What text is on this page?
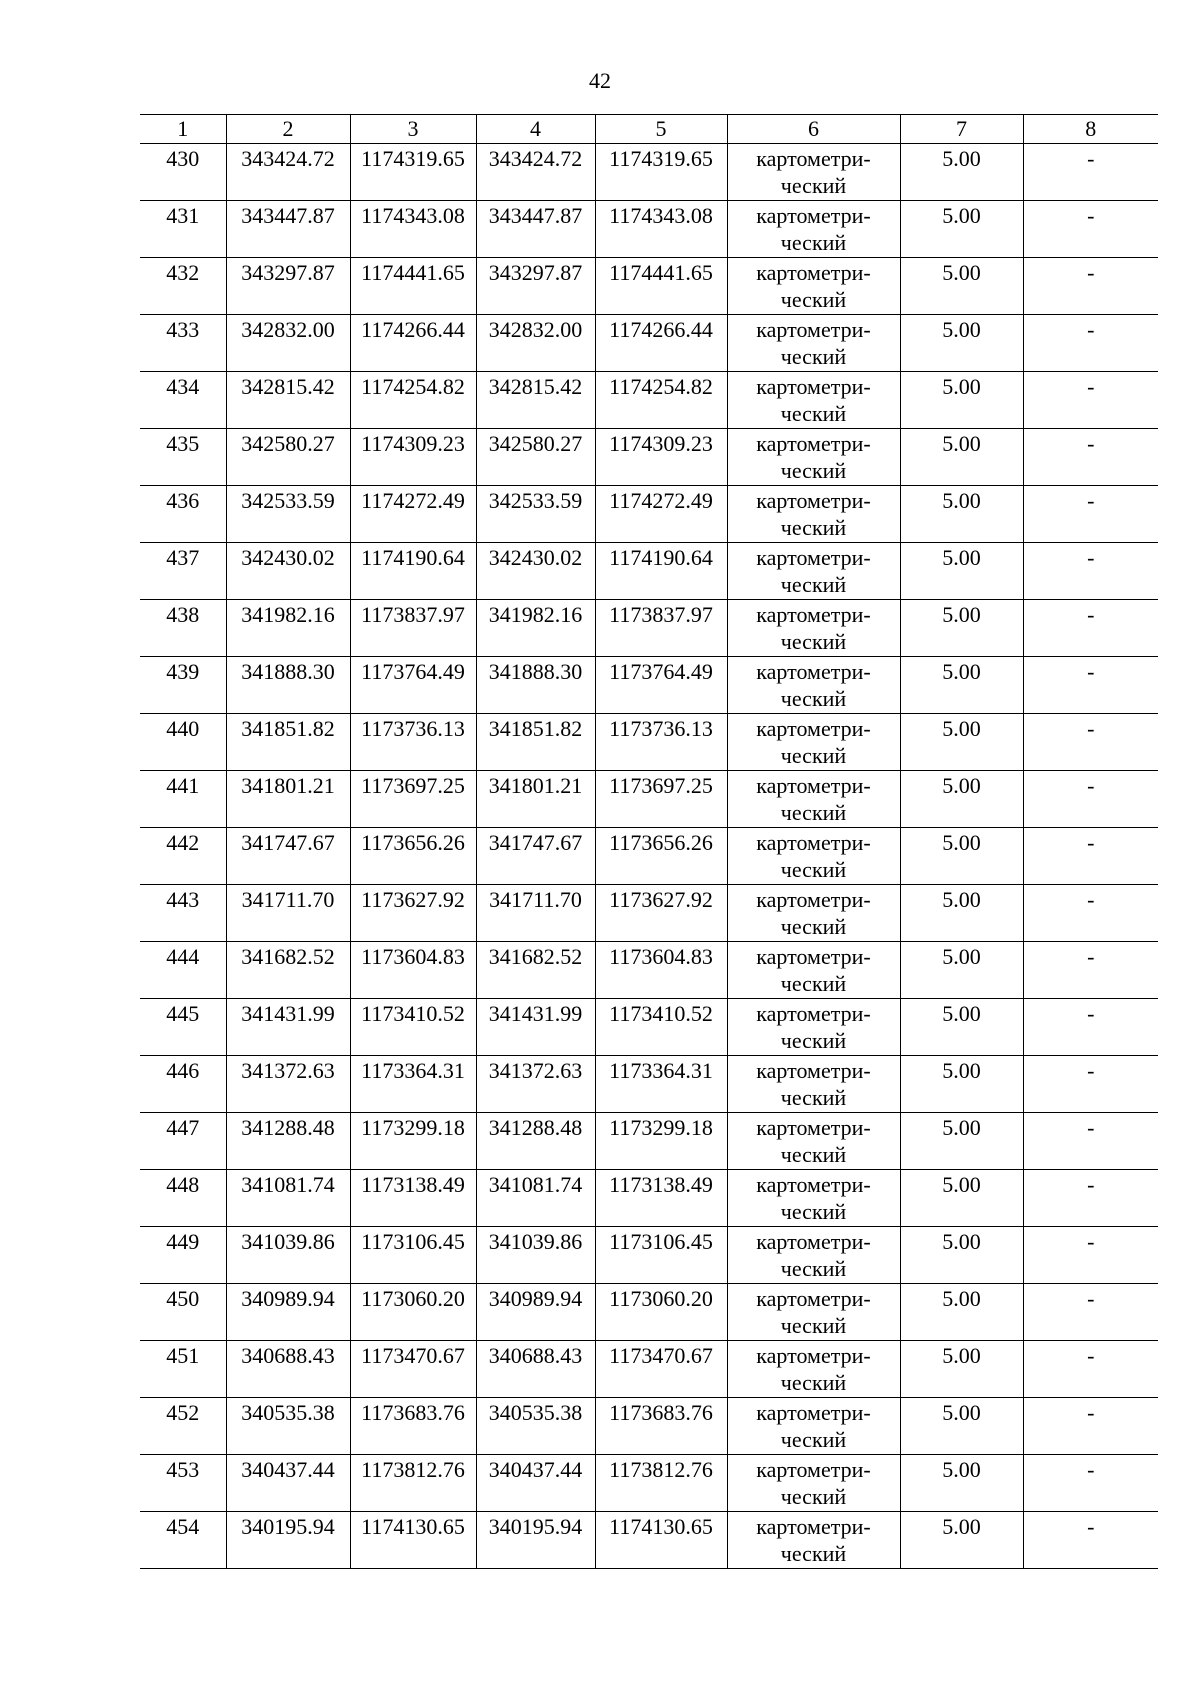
42
1	2	3	4	5	6	7	8
430	343424.72	1174319.65	343424.72	1174319.65	картометри-
ческий	5.00	-
431	343447.87	1174343.08	343447.87	1174343.08	картометри-
ческий	5.00	-
432	343297.87	1174441.65	343297.87	1174441.65	картометри-
ческий	5.00	-
433	342832.00	1174266.44	342832.00	1174266.44	картометри-
ческий	5.00	-
434	342815.42	1174254.82	342815.42	1174254.82	картометри-
ческий	5.00	-
435	342580.27	1174309.23	342580.27	1174309.23	картометри-
ческий	5.00	-
436	342533.59	1174272.49	342533.59	1174272.49	картометри-
ческий	5.00	-
437	342430.02	1174190.64	342430.02	1174190.64	картометри-
ческий	5.00	-
438	341982.16	1173837.97	341982.16	1173837.97	картометри-
ческий	5.00	-
439	341888.30	1173764.49	341888.30	1173764.49	картометри-
ческий	5.00	-
440	341851.82	1173736.13	341851.82	1173736.13	картометри-
ческий	5.00	-
441	341801.21	1173697.25	341801.21	1173697.25	картометри-
ческий	5.00	-
442	341747.67	1173656.26	341747.67	1173656.26	картометри-
ческий	5.00	-
443	341711.70	1173627.92	341711.70	1173627.92	картометри-
ческий	5.00	-
444	341682.52	1173604.83	341682.52	1173604.83	картометри-
ческий	5.00	-
445	341431.99	1173410.52	341431.99	1173410.52	картометри-
ческий	5.00	-
446	341372.63	1173364.31	341372.63	1173364.31	картометри-
ческий	5.00	-
447	341288.48	1173299.18	341288.48	1173299.18	картометри-
ческий	5.00	-
448	341081.74	1173138.49	341081.74	1173138.49	картометри-
ческий	5.00	-
449	341039.86	1173106.45	341039.86	1173106.45	картометри-
ческий	5.00	-
450	340989.94	1173060.20	340989.94	1173060.20	картометри-
ческий	5.00	-
451	340688.43	1173470.67	340688.43	1173470.67	картометри-
ческий	5.00	-
452	340535.38	1173683.76	340535.38	1173683.76	картометри-
ческий	5.00	-
453	340437.44	1173812.76	340437.44	1173812.76	картометри-
ческий	5.00	-
454	340195.94	1174130.65	340195.94	1174130.65	картометри-
ческий	5.00	-
